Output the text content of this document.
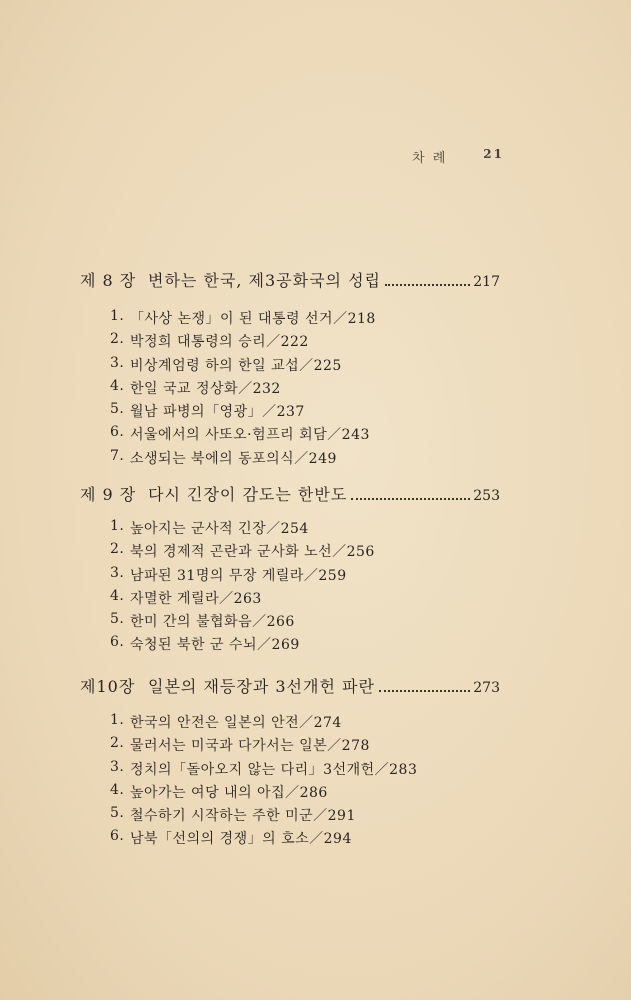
차 례	21
제 8 장 변하는 한국, 제3공화국의 성립	217
1. 「사상 논쟁」이 된 대통령 선거／218
2. 박정희 대통령의 승리／222
3. 비상계엄령 하의 한일 교섭／225
4. 한일 국교 정상화／232
5. 월남 파병의「영광」／237
6. 서울에서의 사또오·험프리 회담／243
7. 소생되는 북에의 동포의식／249
제 9 장 다시 긴장이 감도는 한반도	253
1. 높아지는 군사적 긴장／254
2. 북의 경제적 곤란과 군사화 노선／256
3. 남파된 31명의 무장 게릴라／259
4. 자멸한 게릴라／263
5. 한미 간의 불협화음／266
6. 숙청된 북한 군 수뇌／269
제10장 일본의 재등장과 3선개헌 파란	273
1. 한국의 안전은 일본의 안전／274
2. 물러서는 미국과 다가서는 일본／278
3. 정치의「돌아오지 않는 다리」3선개헌／283
4. 높아가는 여당 내의 아집／286
5. 철수하기 시작하는 주한 미군／291
6. 남북「선의의 경쟁」의 호소／294
